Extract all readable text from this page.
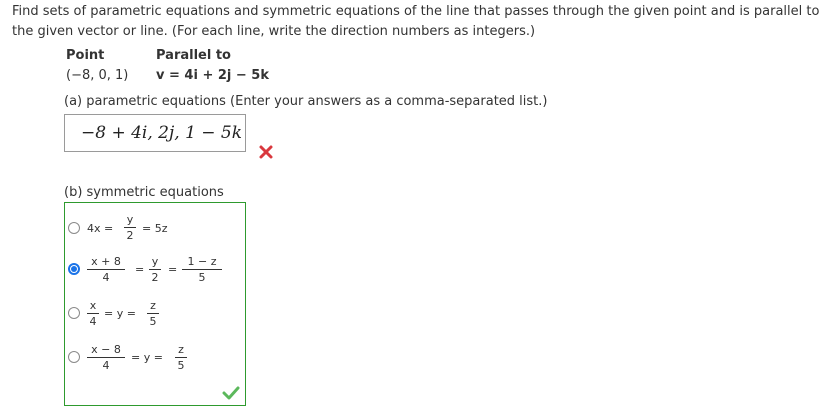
Find sets of parametric equations and symmetric equations of the line that passes through the given point and is parallel to the given vector or line. (For each line, write the direction numbers as integers.)
Point	Parallel to
(−8, 0, 1) v = 4i + 2j − 5k
(a) parametric equations (Enter your answers as a comma-separated list.)
−8 + 4i, 2j, 1 − 5k
(b) symmetric equations
4x =
y
2
= 5z
x + 8
4
=
y
2
=
1 − z
5
x
4
= y =
z
5
x − 8
4
= y =
z
5
